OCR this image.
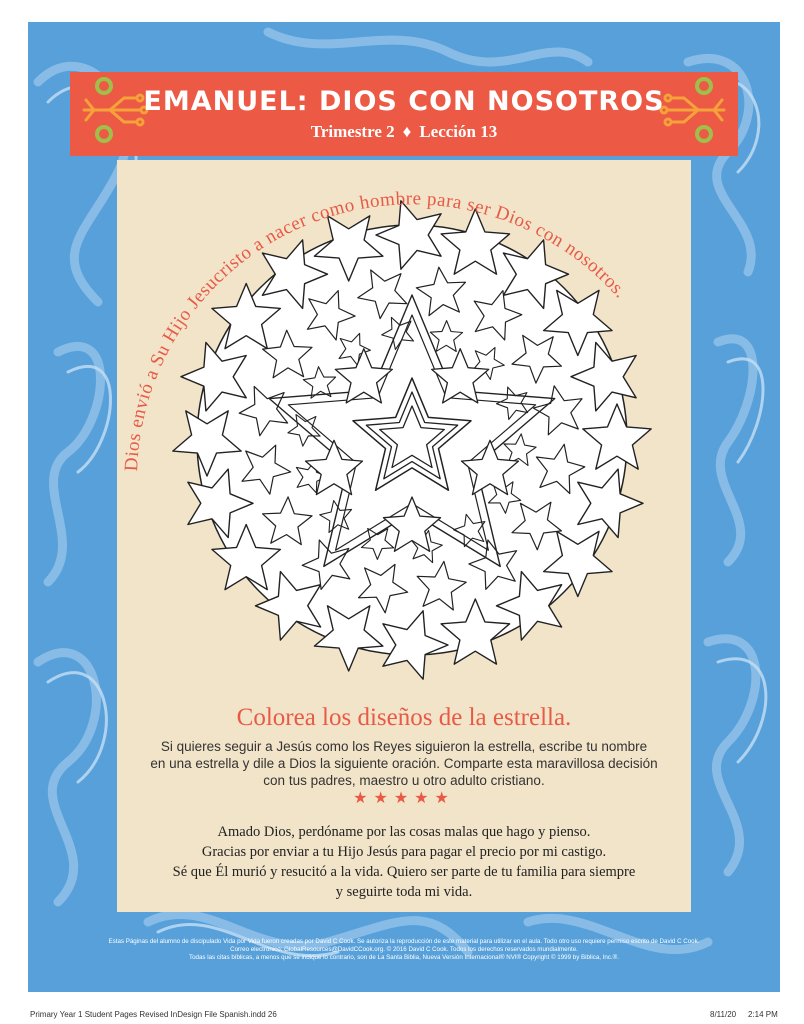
EMANUEL: DIOS CON NOSOTROS
Trimestre 2 ♦ Lección 13
Dios envió a Su Hijo Jesucristo a nacer como hombre para ser Dios con nosotros.
Colorea los diseños de la estrella.
Si quieres seguir a Jesús como los Reyes siguieron la estrella, escribe tu nombre
en una estrella y dile a Dios la siguiente oración. Comparte esta maravillosa decisión
con tus padres, maestro u otro adulto cristiano.
★★★★★
Amado Dios, perdóname por las cosas malas que hago y pienso.
Gracias por enviar a tu Hijo Jesús para pagar el precio por mi castigo.
Sé que Él murió y resucitó a la vida. Quiero ser parte de tu familia para siempre
y seguirte toda mi vida.
Estas Páginas del alumno de discipulado Vida por Vida fueron creadas por David C Cook. Se autoriza la reproducción de este material para utilizar en el aula. Todo otro uso requiere permiso escrito de David C Cook.
Correo electrónico: GlobalResources@DavidCCook.org. © 2016 David C Cook. Todos los derechos reservados mundialmente.
Todas las citas bíblicas, a menos que se indique lo contrario, son de La Santa Biblia, Nueva Versión Internacional® NVI® Copyright © 1999 by Biblica, Inc.®.
Primary Year 1 Student Pages Revised InDesign File Spanish.indd 26	8/11/20 2:14 PM
